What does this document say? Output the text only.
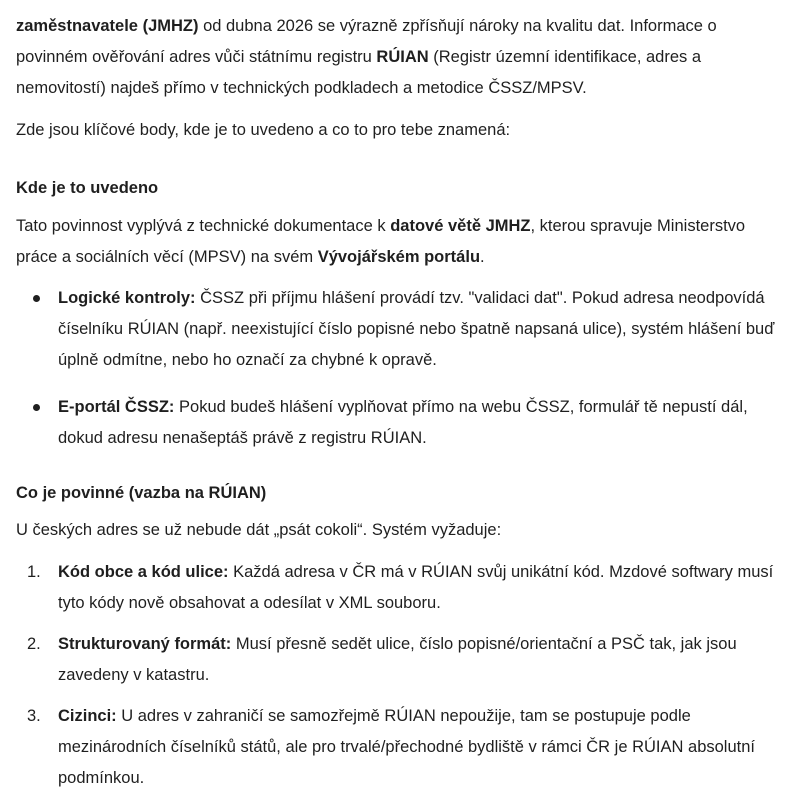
zaměstnavatele (JMHZ) od dubna 2026 se výrazně zpřísňují nároky na kvalitu dat. Informace o povinném ověřování adres vůči státnímu registru RÚIAN (Registr územní identifikace, adres a nemovitostí) najdeš přímo v technických podkladech a metodice ČSSZ/MPSV.

Zde jsou klíčové body, kde je to uvedeno a co to pro tebe znamená:

Kde je to uvedeno

Tato povinnost vyplývá z technické dokumentace k datové větě JMHZ, kterou spravuje Ministerstvo práce a sociálních věcí (MPSV) na svém Vývojářském portálu.

Logické kontroly: ČSSZ při příjmu hlášení provádí tzv. "validaci dat". Pokud adresa neodpovídá číselníku RÚIAN (např. neexistující číslo popisné nebo špatně napsaná ulice), systém hlášení buď úplně odmítne, nebo ho označí za chybné k opravě.
E-portál ČSSZ: Pokud budeš hlášení vyplňovat přímo na webu ČSSZ, formulář tě nepustí dál, dokud adresu nenašeptáš právě z registru RÚIAN.
Co je povinné (vazba na RÚIAN)

U českých adres se už nebude dát „psát cokoli“. Systém vyžaduje:

1. Kód obce a kód ulice: Každá adresa v ČR má v RÚIAN svůj unikátní kód. Mzdové softwary musí tyto kódy nově obsahovat a odesílat v XML souboru.
2. Strukturovaný formát: Musí přesně sedět ulice, číslo popisné/orientační a PSČ tak, jak jsou zavedeny v katastru.
3. Cizinci: U adres v zahraničí se samozřejmě RÚIAN nepoužije, tam se postupuje podle mezinárodních číselníků států, ale pro trvalé/přechodné bydliště v rámci ČR je RÚIAN absolutní podmínkou.
